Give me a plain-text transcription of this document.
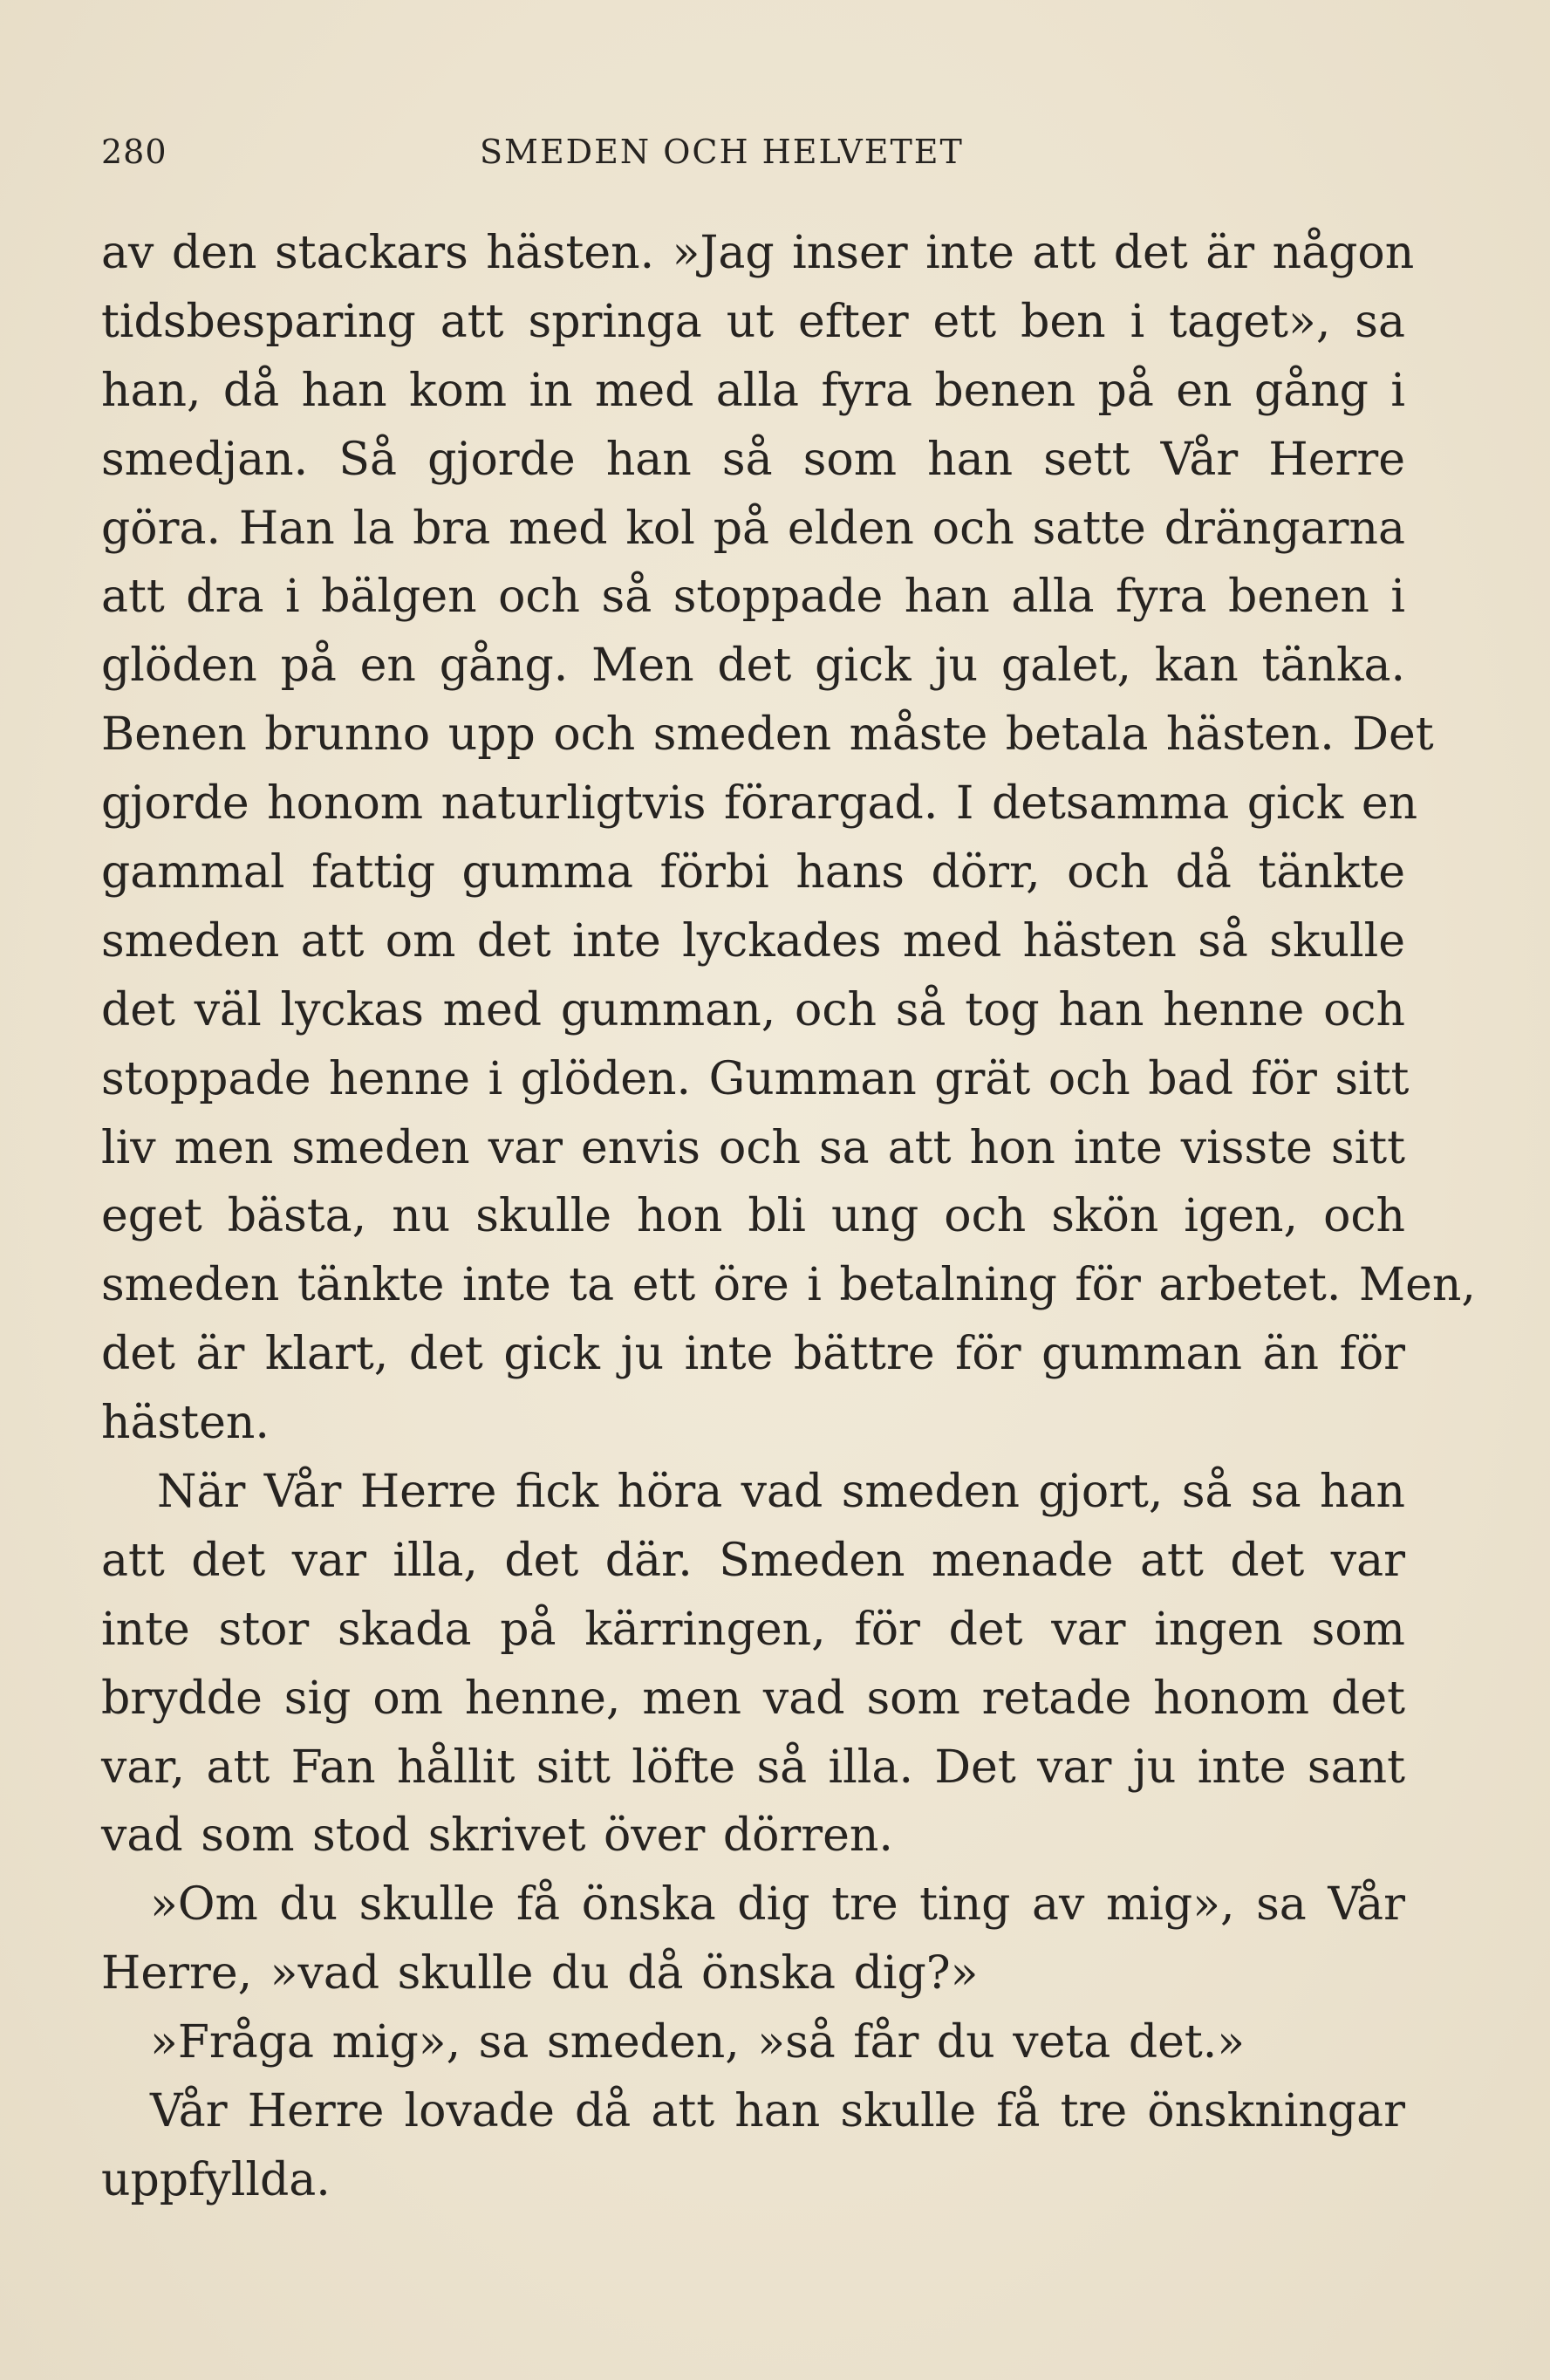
280	SMEDEN OCH HELVETET
av den stackars hästen. »Jag inser inte att det är någon
tidsbesparing att springa ut efter ett ben i taget», sa
han, då han kom in med alla fyra benen på en gång i
smedjan. Så gjorde han så som han sett Vår Herre
göra. Han la bra med kol på elden och satte drängarna
att dra i bälgen och så stoppade han alla fyra benen i
glöden på en gång. Men det gick ju galet, kan tänka.
Benen brunno upp och smeden måste betala hästen. Det
gjorde honom naturligtvis förargad. I detsamma gick en
gammal fattig gumma förbi hans dörr, och då tänkte
smeden att om det inte lyckades med hästen så skulle
det väl lyckas med gumman, och så tog han henne och
stoppade henne i glöden. Gumman grät och bad för sitt
liv men smeden var envis och sa att hon inte visste sitt
eget bästa, nu skulle hon bli ung och skön igen, och
smeden tänkte inte ta ett öre i betalning för arbetet. Men,
det är klart, det gick ju inte bättre för gumman än för
hästen.
När Vår Herre fick höra vad smeden gjort, så sa han
att det var illa, det där. Smeden menade att det var
inte stor skada på kärringen, för det var ingen som
brydde sig om henne, men vad som retade honom det
var, att Fan hållit sitt löfte så illa. Det var ju inte sant
vad som stod skrivet över dörren.
»Om du skulle få önska dig tre ting av mig», sa Vår
Herre, »vad skulle du då önska dig?»
»Fråga mig», sa smeden, »så får du veta det.»
Vår Herre lovade då att han skulle få tre önskningar
uppfyllda.
